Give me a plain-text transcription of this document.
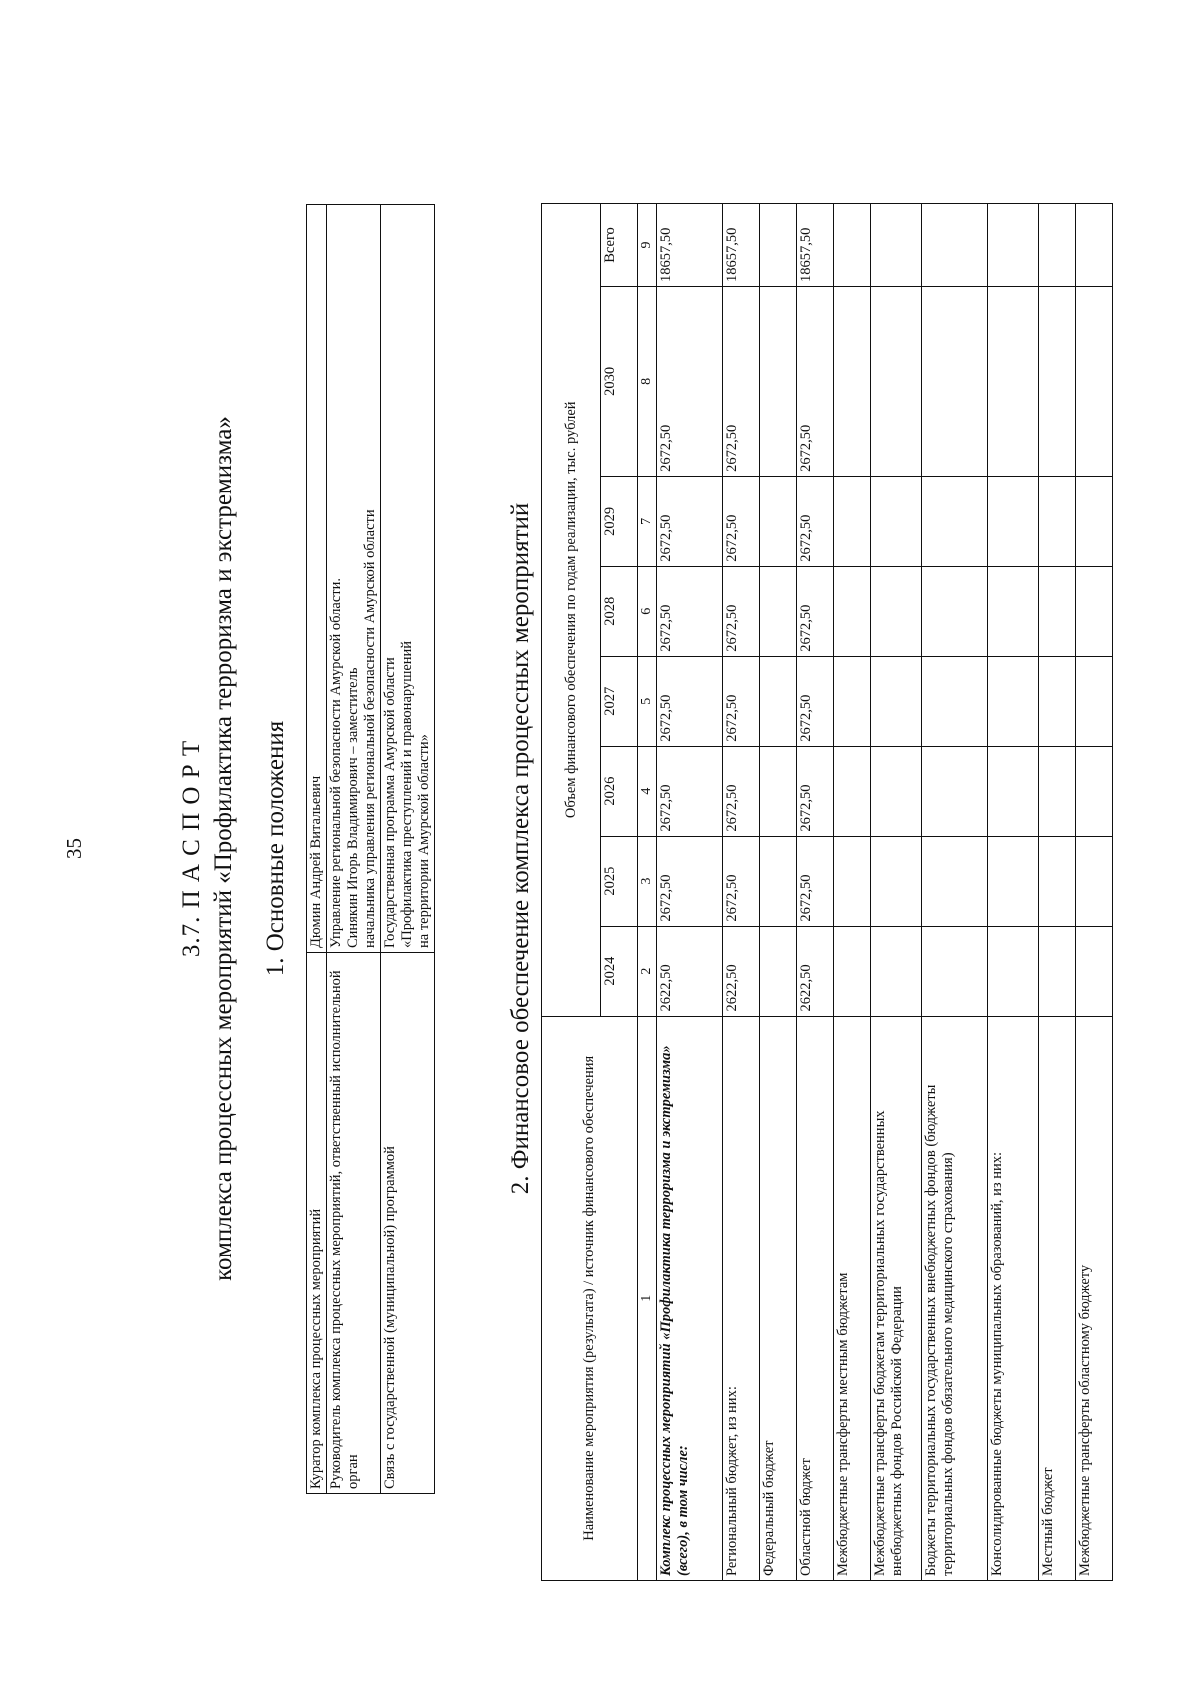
35	3.7. П А С П О Р Т комплекса процессных мероприятий «Профилактика терроризма и экстремизма» 1. Основные положения
Куратор комплекса процессных мероприятий	Дюмин Андрей Витальевич

Руководитель комплекса процессных мероприятий, ответственный исполнительной орган	Управление региональной безопасности Амурской области. Синякин Игорь Владимирович – заместитель начальника управления региональной безопасности Амурской области

Связь с государственной (муниципальной) программой	Государственная программа Амурской области «Профилактика преступлений и правонарушений на территории Амурской области»	2. Финансовое обеспечение комплекса процессных мероприятий
Наименование мероприятия (результата) / источник финансового обеспечения	Объем финансового обеспечения по годам реализации, тыс. рублей							
	2024	2025	2026	2027	2028	2029	2030	Всего
1	2	3	4	5	6	7	8	9
Комплекс процессных мероприятий «Профилактика терроризма и экстремизма» (всего), в том числе:	2622,50	2672,50	2672,50	2672,50	2672,50	2672,50	2672,50	18657,50
Региональный бюджет, из них:	2622,50	2672,50	2672,50	2672,50	2672,50	2672,50	2672,50	18657,50
Федеральный бюджет								
Областной бюджет	2622,50	2672,50	2672,50	2672,50	2672,50	2672,50	2672,50	18657,50
Межбюджетные трансферты местным бюджетам								
Межбюджетные трансферты бюджетам территориальных государственных внебюджетных фондов Российской Федерации								
Бюджеты территориальных государственных внебюджетных фондов (бюджеты территориальных фондов обязательного медицинского страхования)								
Консолидированные бюджеты муниципальных образований, из них:								
Местный бюджет								
Межбюджетные трансферты областному бюджету								
